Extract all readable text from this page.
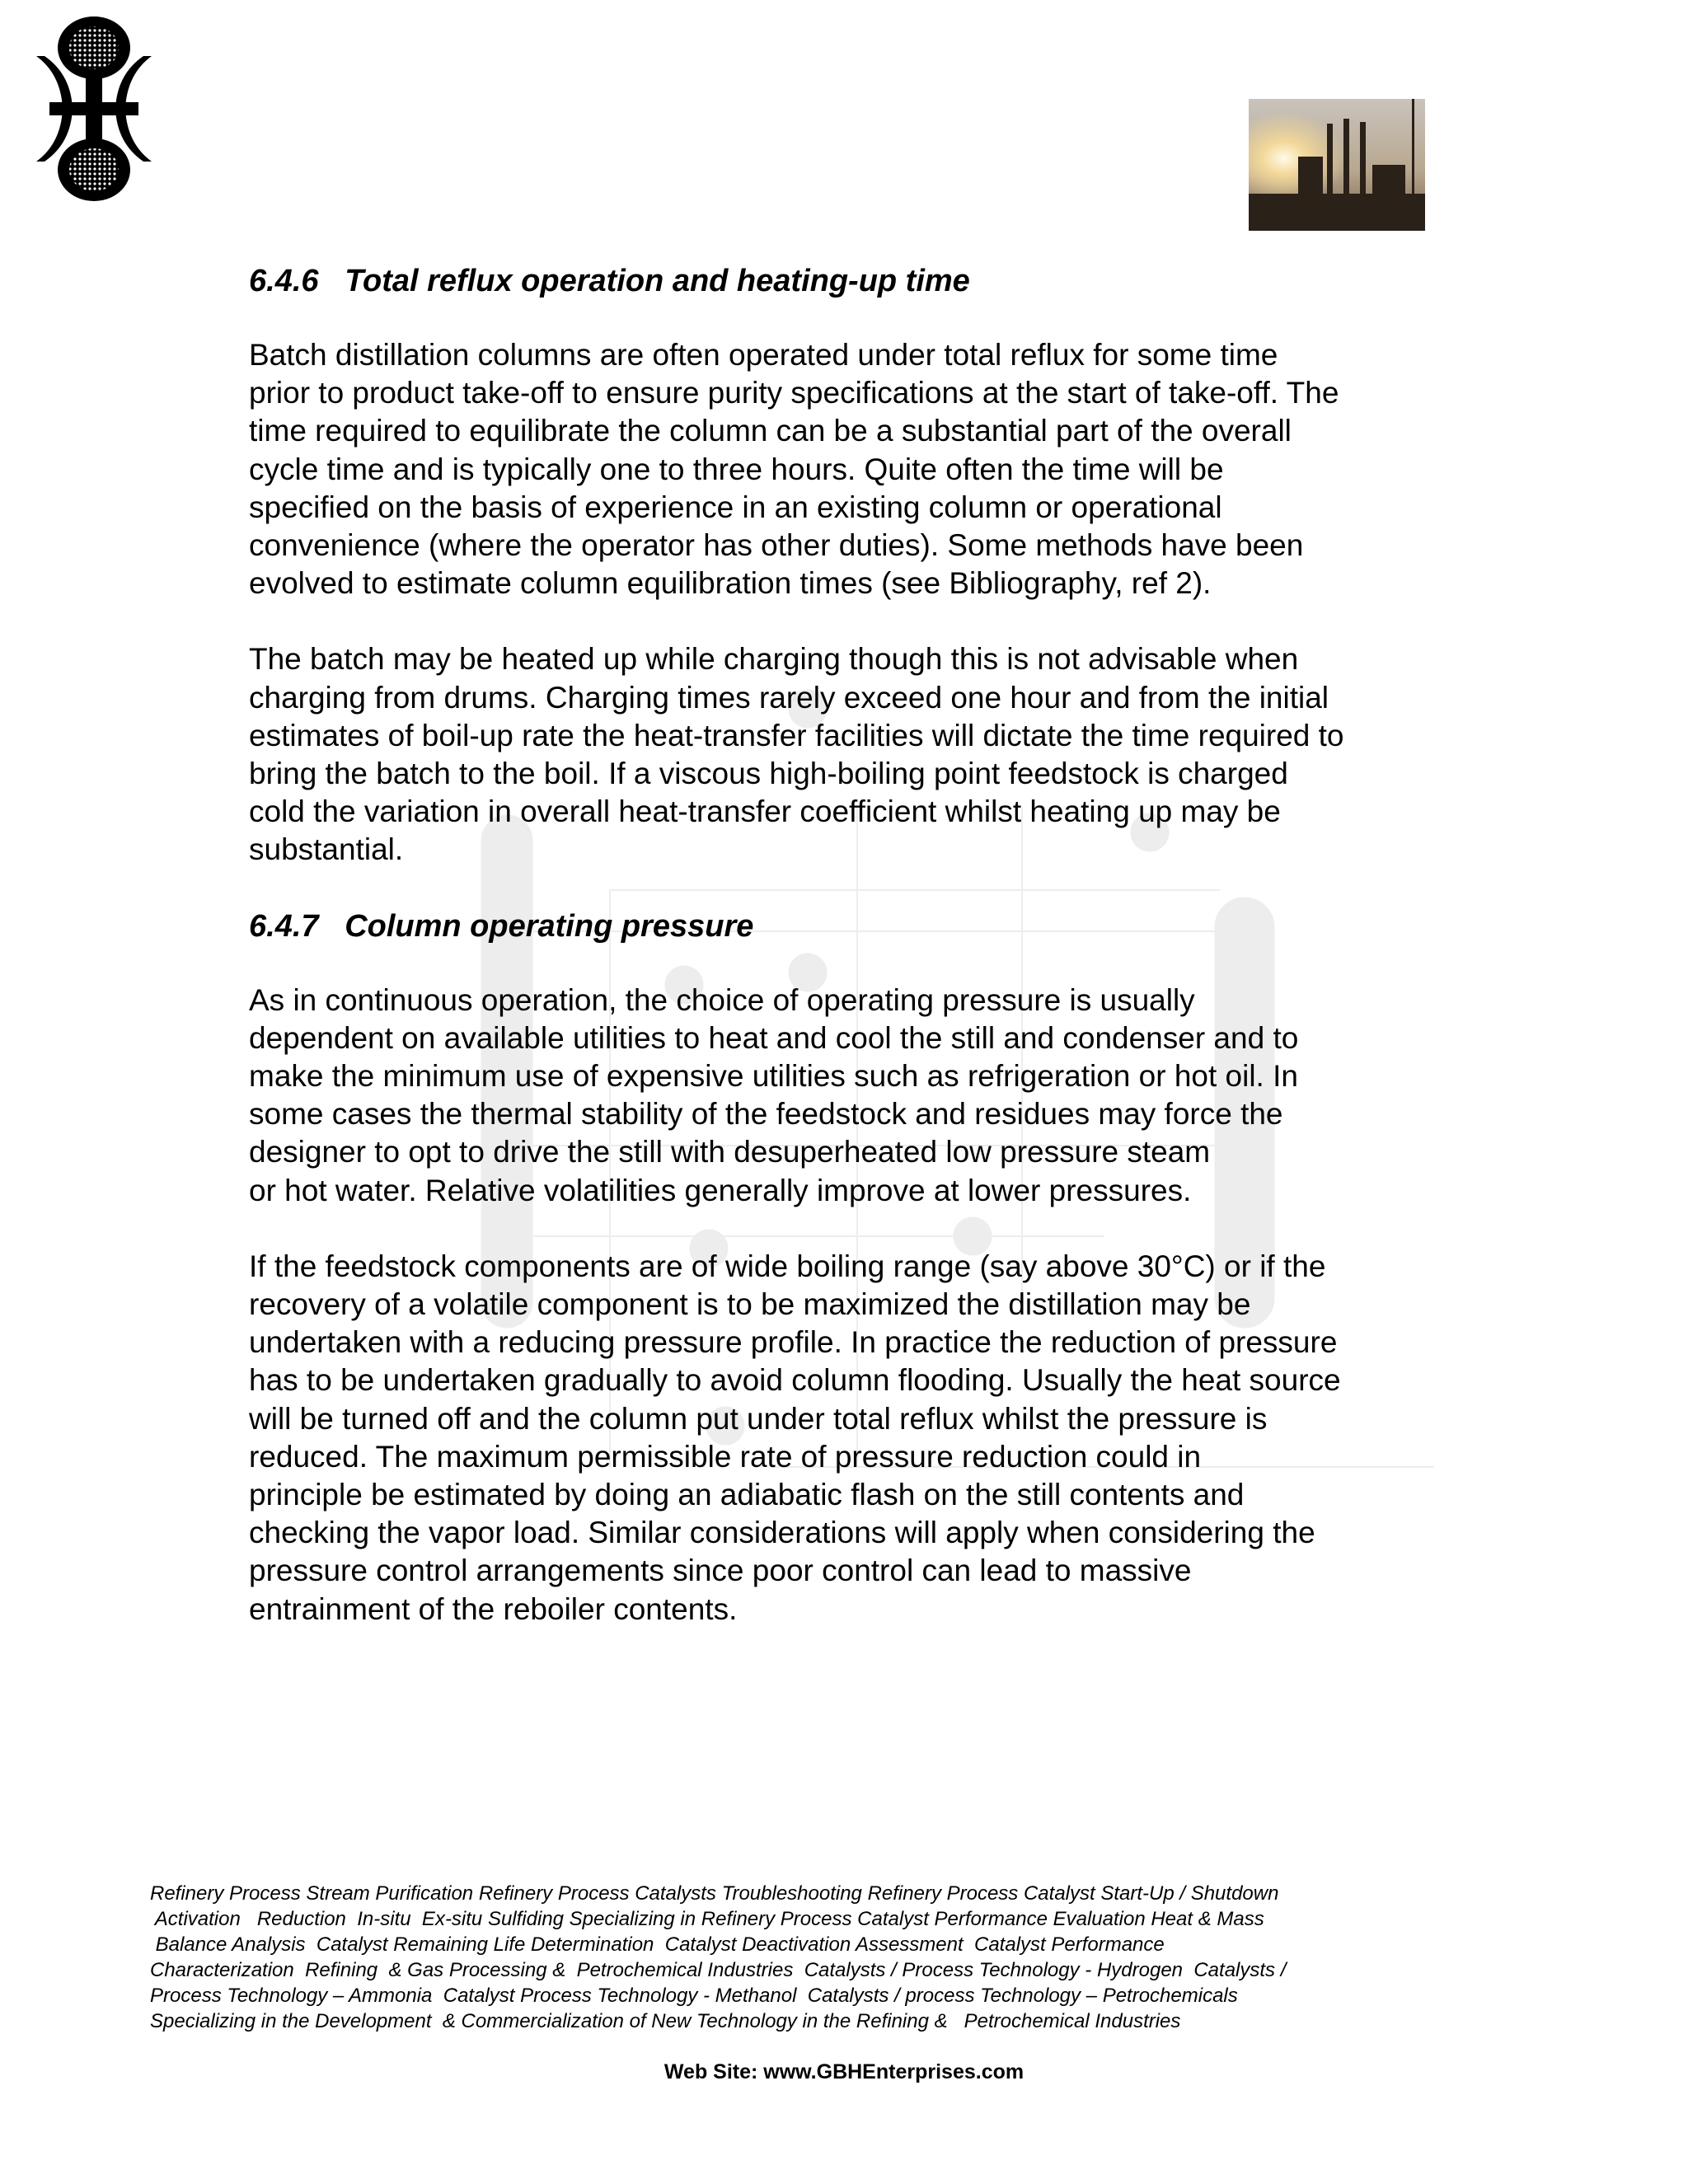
6.4.6   Total reflux operation and heating-up time
Batch distillation columns are often operated under total reflux for some time
prior to product take-off to ensure purity specifications at the start of take-off. The
time required to equilibrate the column can be a substantial part of the overall
cycle time and is typically one to three hours. Quite often the time will be
specified on the basis of experience in an existing column or operational
convenience (where the operator has other duties). Some methods have been
evolved to estimate column equilibration times (see Bibliography, ref 2).
The batch may be heated up while charging though this is not advisable when
charging from drums. Charging times rarely exceed one hour and from the initial
estimates of boil-up rate the heat-transfer facilities will dictate the time required to
bring the batch to the boil. If a viscous high-boiling point feedstock is charged
cold the variation in overall heat-transfer coefficient whilst heating up may be
substantial.
6.4.7   Column operating pressure
As in continuous operation, the choice of operating pressure is usually
dependent on available utilities to heat and cool the still and condenser and to
make the minimum use of expensive utilities such as refrigeration or hot oil. In
some cases the thermal stability of the feedstock and residues may force the
designer to opt to drive the still with desuperheated low pressure steam
or hot water. Relative volatilities generally improve at lower pressures.
If the feedstock components are of wide boiling range (say above 30°C) or if the
recovery of a volatile component is to be maximized the distillation may be
undertaken with a reducing pressure profile. In practice the reduction of pressure
has to be undertaken gradually to avoid column flooding. Usually the heat source
will be turned off and the column put under total reflux whilst the pressure is
reduced. The maximum permissible rate of pressure reduction could in
principle be estimated by doing an adiabatic flash on the still contents and
checking the vapor load. Similar considerations will apply when considering the
pressure control arrangements since poor control can lead to massive
entrainment of the reboiler contents.
Refinery Process Stream Purification Refinery Process Catalysts Troubleshooting Refinery Process Catalyst Start-Up / Shutdown
Activation   Reduction  In-situ  Ex-situ Sulfiding Specializing in Refinery Process Catalyst Performance Evaluation Heat & Mass
Balance Analysis  Catalyst Remaining Life Determination  Catalyst Deactivation Assessment  Catalyst Performance
Characterization  Refining  & Gas Processing &  Petrochemical Industries  Catalysts / Process Technology - Hydrogen  Catalysts /
Process Technology – Ammonia  Catalyst Process Technology - Methanol  Catalysts / process Technology – Petrochemicals
Specializing in the Development  & Commercialization of New Technology in the Refining &   Petrochemical Industries
Web Site: www.GBHEnterprises.com
